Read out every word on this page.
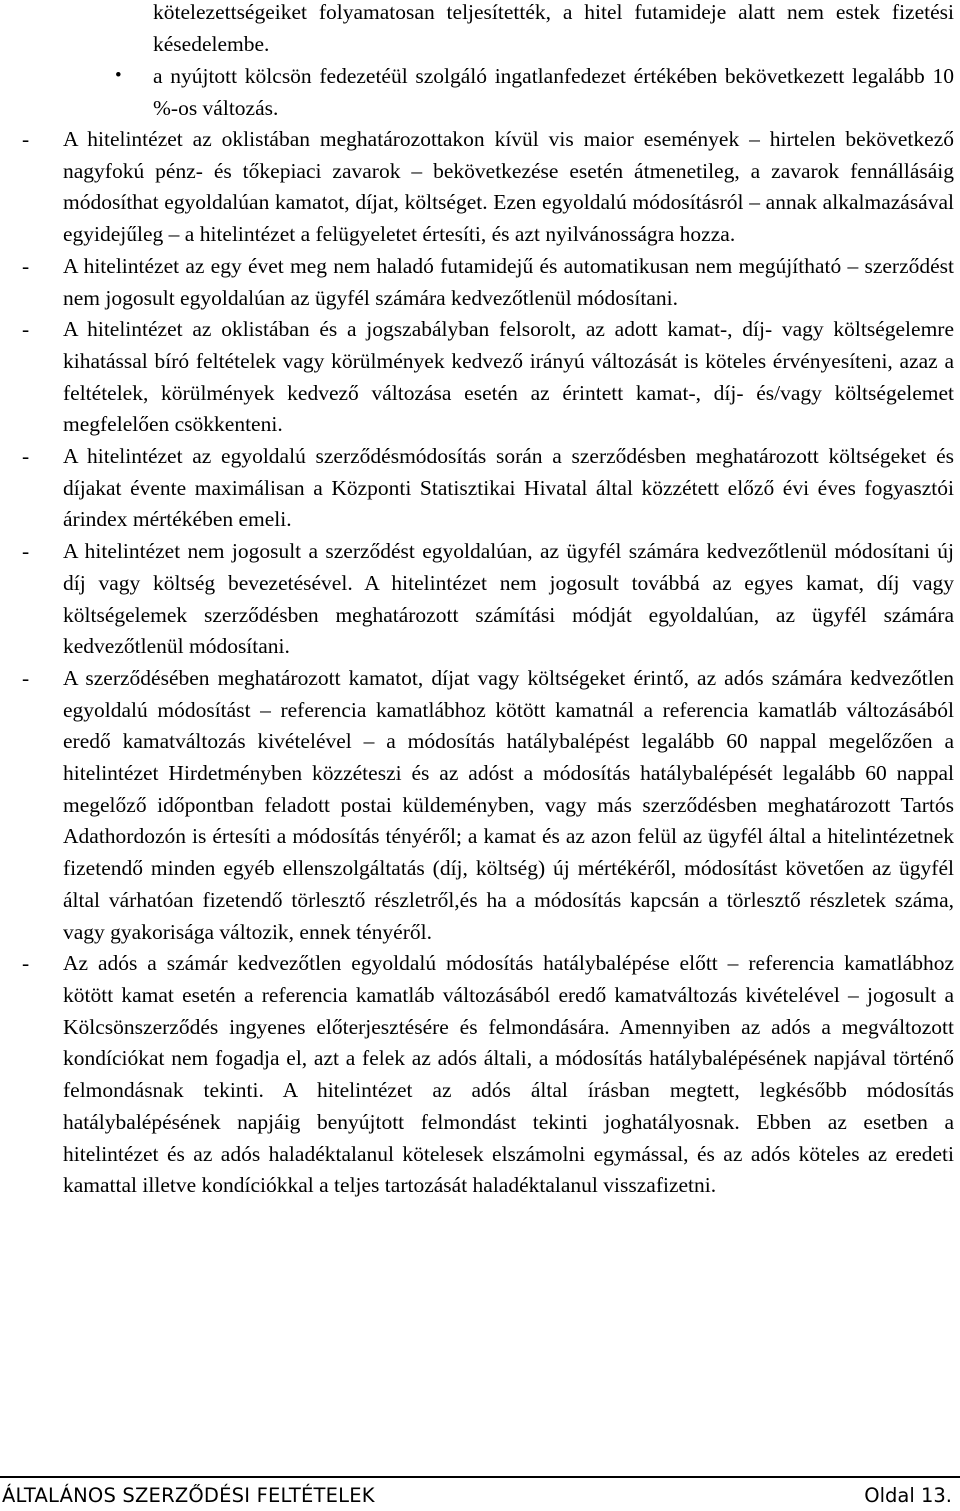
kötelezettségeiket folyamatosan teljesítették, a hitel futamideje alatt nem estek fizetési késedelembe.

•	a nyújtott kölcsön fedezetéül szolgáló ingatlanfedezet értékében bekövetkezett legalább 10 %-os változás.

-	A hitelintézet az oklistában meghatározottakon kívül vis maior események – hirtelen bekövetkező nagyfokú pénz- és tőkepiaci zavarok – bekövetkezése esetén átmenetileg, a zavarok fennállásáig módosíthat egyoldalúan kamatot, díjat, költséget. Ezen egyoldalú módosításról – annak alkalmazásával egyidejűleg – a hitelintézet a felügyeletet értesíti, és azt nyilvánosságra hozza.

-	A hitelintézet az egy évet meg nem haladó futamidejű és automatikusan nem megújítható – szerződést nem jogosult egyoldalúan az ügyfél számára kedvezőtlenül módosítani.

-	A hitelintézet az oklistában és a jogszabályban felsorolt, az adott kamat-, díj- vagy költségelemre kihatással bíró feltételek vagy körülmények kedvező irányú változását is köteles érvényesíteni, azaz a feltételek, körülmények kedvező változása esetén az érintett kamat-, díj- és/vagy költségelemet megfelelően csökkenteni.

-	A hitelintézet az egyoldalú szerződésmódosítás során a szerződésben meghatározott költségeket és díjakat évente maximálisan a Központi Statisztikai Hivatal által közzétett előző évi éves fogyasztói árindex mértékében emeli.

-	A hitelintézet nem jogosult a szerződést egyoldalúan, az ügyfél számára kedvezőtlenül módosítani új díj vagy költség bevezetésével. A hitelintézet nem jogosult továbbá az egyes kamat, díj vagy költségelemek szerződésben meghatározott számítási módját egyoldalúan, az ügyfél számára kedvezőtlenül módosítani.

-	A szerződésében meghatározott kamatot, díjat vagy költségeket érintő, az adós számára kedvezőtlen egyoldalú módosítást – referencia kamatlábhoz kötött kamatnál a referencia kamatláb változásából eredő kamatváltozás kivételével – a módosítás hatálybalépést legalább 60 nappal megelőzően a hitelintézet Hirdetményben közzéteszi és az adóst a módosítás hatálybalépését legalább 60 nappal megelőző időpontban feladott postai küldeményben, vagy más szerződésben meghatározott Tartós Adathordozón is értesíti a módosítás tényéről; a kamat és az azon felül az ügyfél által a hitelintézetnek fizetendő minden egyéb ellenszolgáltatás (díj, költség) új mértékéről, módosítást követően az ügyfél által várhatóan fizetendő törlesztő részletről,és ha a módosítás kapcsán a törlesztő részletek száma, vagy gyakorisága változik, ennek tényéről.

-	Az adós a számár kedvezőtlen egyoldalú módosítás hatálybalépése előtt – referencia kamatlábhoz kötött kamat esetén a referencia kamatláb változásából eredő kamatváltozás kivételével – jogosult a Kölcsönszerződés ingyenes előterjesztésére és felmondására. Amennyiben az adós a megváltozott kondíciókat nem fogadja el, azt a felek az adós általi, a módosítás hatálybalépésének napjával történő felmondásnak tekinti. A hitelintézet az adós által írásban megtett, legkésőbb módosítás hatálybalépésének napjáig benyújtott felmondást tekinti joghatályosnak. Ebben az esetben a hitelintézet és az adós haladéktalanul kötelesek elszámolni egymással, és az adós köteles az eredeti kamattal illetve kondíciókkal a teljes tartozását haladéktalanul visszafizetni.

ÁLTALÁNOS SZERZŐDÉSI FELTÉTELEK	Oldal 13.
